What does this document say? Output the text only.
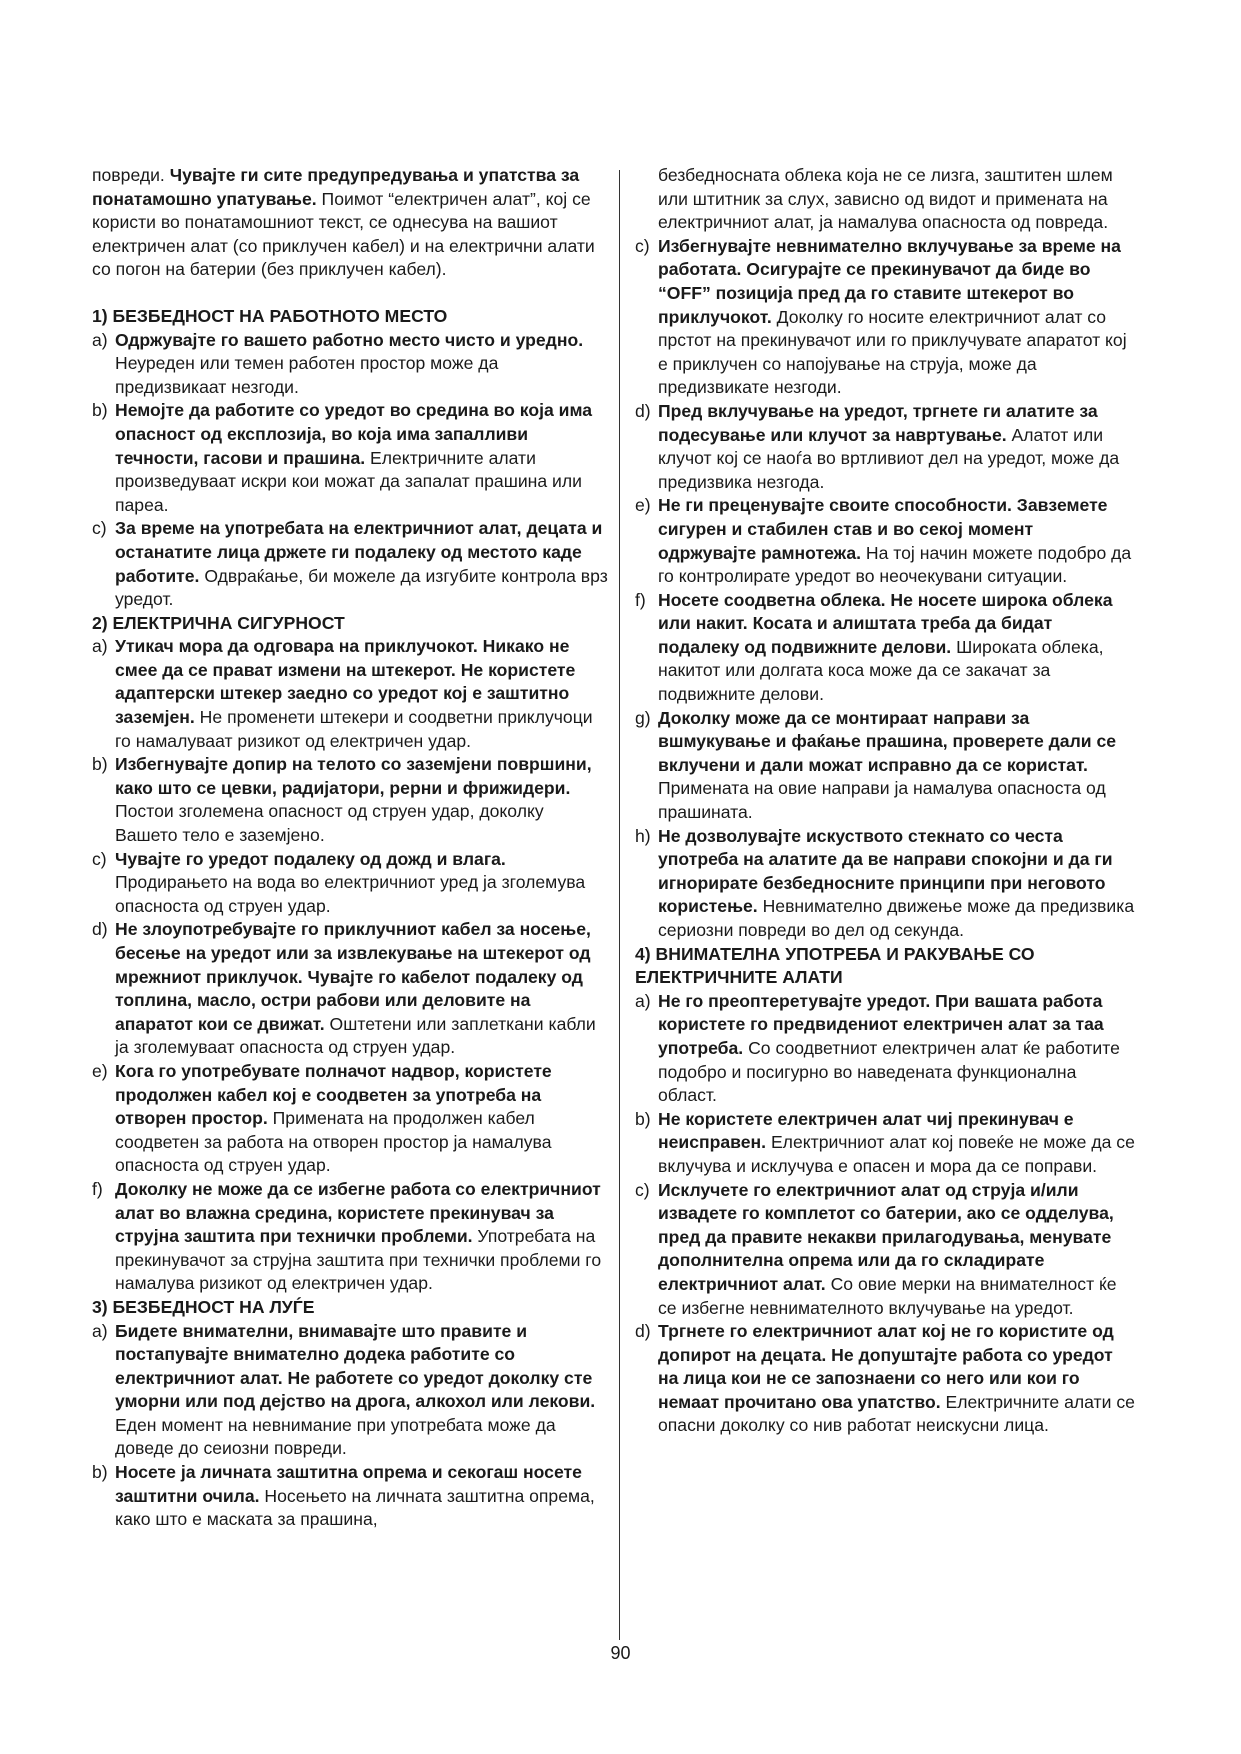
повреди. Чувајте ги сите предупредувања и упатства за понатамошно упатување. Поимот “електричен алат”, кој се користи во понатамошниот текст, се однесува на вашиот електричен алат (со приклучен кабел) и на електрични алати со погон на батерии (без приклучен кабел).

1) БЕЗБЕДНОСТ НА РАБОТНОТО МЕСТО

a) Одржувајте го вашето работно место чисто и уредно. Неуреден или темен работен простор може да предизвикаат незгоди.
b) Немојте да работите со уредот во средина во која има опасност од експлозија, во која има запалливи течности, гасови и прашина. Електричните алати произведуваат искри кои можат да запалат прашина или пареа.
c) За време на употребата на електричниот алат, децата и останатите лица држете ги подалеку од местото каде работите. Одвраќање, би можеле да изгубите контрола врз уредот.

2) ЕЛЕКТРИЧНА СИГУРНОСТ

a) Утикач мора да одговара на приклучокот. Никако не смее да се прават измени на штекерот. Не користете адаптерски штекер заедно со уредот кој е заштитно заземјен. Не променети штекери и соодветни приклучоци го намалуваат ризикот од електричен удар.
b) Избегнувајте допир на телото со заземјени површини, како што се цевки, радијатори, рерни и фрижидери. Постои зголемена опасност од струен удар, доколку Вашето тело е заземјено.
c) Чувајте го уредот подалеку од дожд и влага. Продирањето на вода во електричниот уред ја зголемува опасноста од струен удар.
d) Не злоупотребувајте го приклучниот кабел за носење, бесење на уредот или за извлекување на штекерот од мрежниот приклучок. Чувајте го кабелот подалеку од топлина, масло, остри рабови или деловите на апаратот кои се движат. Оштетени или заплеткани кабли ја зголемуваат опасноста од струен удар.
e) Кога го употребувате полначот надвор, користете продолжен кабел кој е соодветен за употреба на отворен простор. Примената на продолжен кабел соодветен за работа на отворен простор ја намалува опасноста од струен удар.
f) Доколку не може да се избегне работа со електричниот алат во влажна средина, користете прекинувач за струјна заштита при технички проблеми. Употребата на прекинувачот за струјна заштита при технички проблеми го намалува ризикот од електричен удар.

3) БЕЗБЕДНОСТ НА ЛУЃЕ

a) Бидете внимателни, внимавајте што правите и постапувајте внимателно додека работите со електричниот алат. Не работете со уредот доколку сте уморни или под дејство на дрога, алкохол или лекови. Еден момент на невнимание при употребата може да доведе до сеиозни повреди.
b) Носете ја личната заштитна опрема и секогаш носете заштитни очила. Носењето на личната заштитна опрема, како што е маската за прашина,

безбедносната облека која не се лизга, заштитен шлем или штитник за слух, зависно од видот и примената на електричниот алат, ја намалува опасноста од повреда.

c) Избегнувајте невнимателно вклучување за време на работата. Осигурајте се прекинувачот да биде во “OFF” позиција пред да го ставите штекерот во приклучокот. Доколку го носите електричниот алат со прстот на прекинувачот или го приклучувате апаратот кој е приклучен со напојување на струја, може да предизвикате незгоди.
d) Пред вклучување на уредот, тргнете ги алатите за подесување или клучот за навртување. Алатот или клучот кој се наоѓа во вртливиот дел на уредот, може да предизвика незгода.
e) Не ги преценувајте своите способности. Завземете сигурен и стабилен став и во секој момент одржувајте рамнотежа. На тој начин можете подобро да го контролирате уредот во неочекувани ситуации.
f) Носете соодветна облека. Не носете широка облека или накит. Косата и алиштата треба да бидат подалеку од подвижните делови. Широката облека, накитот или долгата коса може да се закачат за подвижните делови.
g) Доколку може да се монтираат направи за вшмукување и фаќање прашина, проверете дали се вклучени и дали можат исправно да се користат. Примената на овие направи ја намалува опасноста од прашината.
h) Не дозволувајте искуството стекнато со честа употреба на алатите да ве направи спокојни и да ги игнорирате безбедносните принципи при неговото користење. Невнимателно движење може да предизвика сериозни повреди во дел од секунда.

4) ВНИМАТЕЛНА УПОТРЕБА И РАКУВАЊЕ СО ЕЛЕКТРИЧНИТЕ АЛАТИ

a) Не го преоптеретувајте уредот. При вашата работа користете го предвидениот електричен алат за таа употреба. Со соодветниот електричен алат ќе работите подобро и посигурно во наведената функционална област.
b) Не користете електричен алат чиј прекинувач е неисправен. Електричниот алат кој повеќе не може да се вклучува и исклучува е опасен и мора да се поправи.
c) Исклучете го електричниот алат од струја и/или извадете го комплетот со батерии, ако се одделува, пред да правите некакви прилагодувања, менувате дополнителна опрема или да го складирате електричниот алат. Со овие мерки на внимателност ќе се избегне невнимателното вклучување на уредот.
d) Тргнете го електричниот алат кој не го користите од допирот на децата. Не допуштајте работа со уредот на лица кои не се запознаени со него или кои го немаат прочитано ова упатство. Електричните алати се опасни доколку со нив работат неискусни лица.
90
